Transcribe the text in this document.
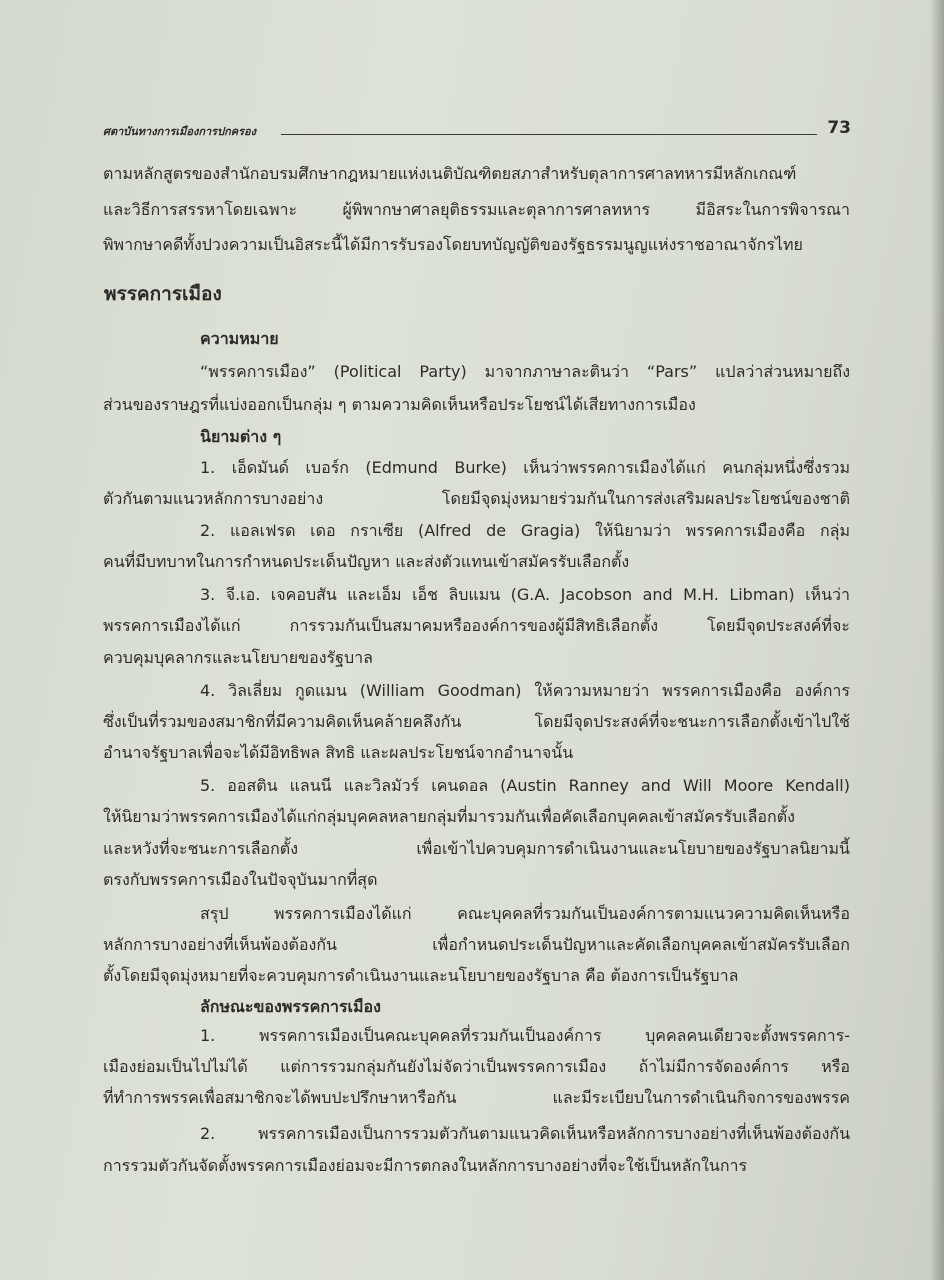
ศตาบันทางการเมืองการปกครอง	73
ตามหลักสูตรของสำนักอบรมศึกษากฎหมายแห่งเนติบัณฑิตยสภาสำหรับตุลาการศาลทหารมีหลักเกณฑ์
และวิธีการสรรหาโดยเฉพาะ ผู้พิพากษาศาลยุติธรรมและตุลาการศาลทหาร มีอิสระในการพิจารณา
พิพากษาคดีทั้งปวงความเป็นอิสระนี้ได้มีการรับรองโดยบทบัญญัติของรัฐธรรมนูญแห่งราชอาณาจักรไทย
พรรคการเมือง
ความหมาย
“พรรคการเมือง” (Political Party) มาจากภาษาละตินว่า “Pars” แปลว่าส่วนหมายถึง
ส่วนของราษฎรที่แบ่งออกเป็นกลุ่ม ๆ ตามความคิดเห็นหรือประโยชน์ได้เสียทางการเมือง
นิยามต่าง ๆ
1. เอ็ดมันด์ เบอร์ก (Edmund Burke) เห็นว่าพรรคการเมืองได้แก่ คนกลุ่มหนึ่งซึ่งรวม
ตัวกันตามแนวหลักการบางอย่าง โดยมีจุดมุ่งหมายร่วมกันในการส่งเสริมผลประโยชน์ของชาติ
2. แอลเฟรด เดอ กราเซีย (Alfred de Gragia) ให้นิยามว่า พรรคการเมืองคือ กลุ่ม
คนที่มีบทบาทในการกำหนดประเด็นปัญหา และส่งตัวแทนเข้าสมัครรับเลือกตั้ง
3. จี.เอ. เจคอบสัน และเอ็ม เอ็ช ลิบแมน (G.A. Jacobson and M.H. Libman) เห็นว่า
พรรคการเมืองได้แก่ การรวมกันเป็นสมาคมหรือองค์การของผู้มีสิทธิเลือกตั้ง โดยมีจุดประสงค์ที่จะ
ควบคุมบุคลากรและนโยบายของรัฐบาล
4. วิลเลี่ยม กูดแมน (William Goodman) ให้ความหมายว่า พรรคการเมืองคือ องค์การ
ซึ่งเป็นที่รวมของสมาชิกที่มีความคิดเห็นคล้ายคลึงกัน โดยมีจุดประสงค์ที่จะชนะการเลือกตั้งเข้าไปใช้
อำนาจรัฐบาลเพื่อจะได้มีอิทธิพล สิทธิ และผลประโยชน์จากอำนาจนั้น
5. ออสติน แลนนี และวิลมัวร์ เคนดอล (Austin Ranney and Will Moore Kendall)
ให้นิยามว่าพรรคการเมืองได้แก่กลุ่มบุคคลหลายกลุ่มที่มารวมกันเพื่อคัดเลือกบุคคลเข้าสมัครรับเลือกตั้ง
และหวังที่จะชนะการเลือกตั้ง เพื่อเข้าไปควบคุมการดำเนินงานและนโยบายของรัฐบาลนิยามนี้
ตรงกับพรรคการเมืองในปัจจุบันมากที่สุด
สรุป พรรคการเมืองได้แก่ คณะบุคคลที่รวมกันเป็นองค์การตามแนวความคิดเห็นหรือ
หลักการบางอย่างที่เห็นพ้องต้องกัน เพื่อกำหนดประเด็นปัญหาและคัดเลือกบุคคลเข้าสมัครรับเลือก
ตั้งโดยมีจุดมุ่งหมายที่จะควบคุมการดำเนินงานและนโยบายของรัฐบาล คือ ต้องการเป็นรัฐบาล
ลักษณะของพรรคการเมือง
1. พรรคการเมืองเป็นคณะบุคคลที่รวมกันเป็นองค์การ บุคคลคนเดียวจะตั้งพรรคการ-
เมืองย่อมเป็นไปไม่ได้ แต่การรวมกลุ่มกันยังไม่จัดว่าเป็นพรรคการเมือง ถ้าไม่มีการจัดองค์การ หรือ
ที่ทำการพรรคเพื่อสมาชิกจะได้พบปะปรึกษาหารือกัน และมีระเบียบในการดำเนินกิจการของพรรค
2. พรรคการเมืองเป็นการรวมตัวกันตามแนวคิดเห็นหรือหลักการบางอย่างที่เห็นพ้องต้องกัน
การรวมตัวกันจัดตั้งพรรคการเมืองย่อมจะมีการตกลงในหลักการบางอย่างที่จะใช้เป็นหลักในการ
